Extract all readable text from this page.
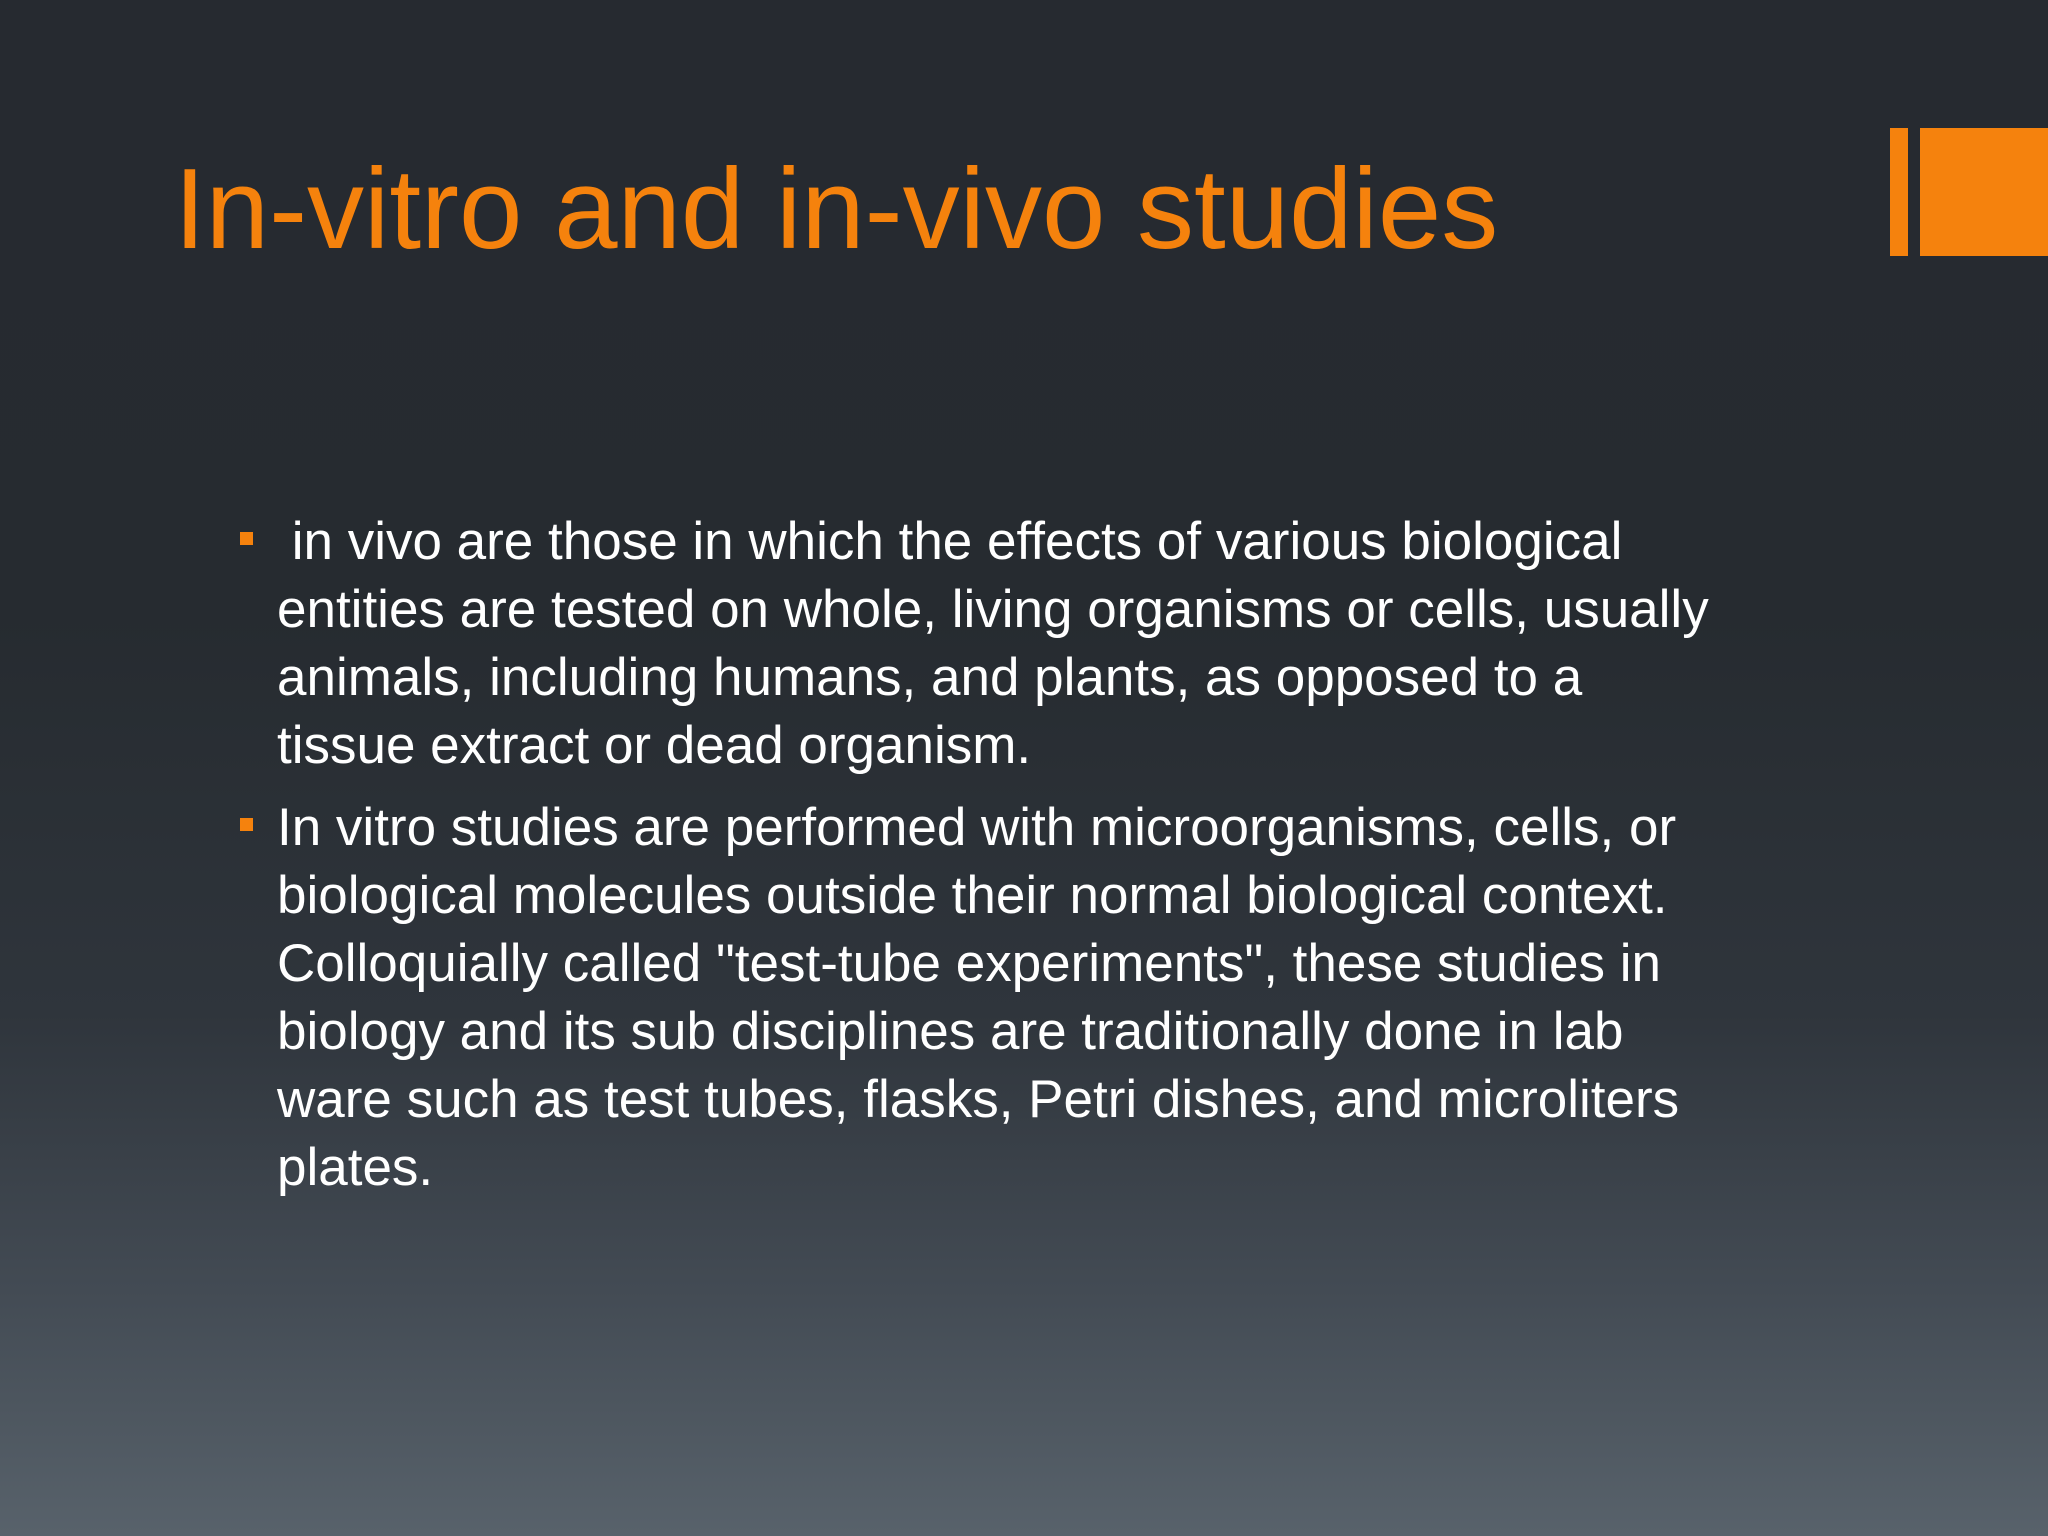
In-vitro and in-vivo studies
in vivo are those in which the effects of various biological
entities are tested on whole, living organisms or cells, usually
animals, including humans, and plants, as opposed to a
tissue extract or dead organism.
In vitro studies are performed with microorganisms, cells, or
biological molecules outside their normal biological context.
Colloquially called "test-tube experiments", these studies in
biology and its sub disciplines are traditionally done in lab
ware such as test tubes, flasks, Petri dishes, and microliters
plates.
